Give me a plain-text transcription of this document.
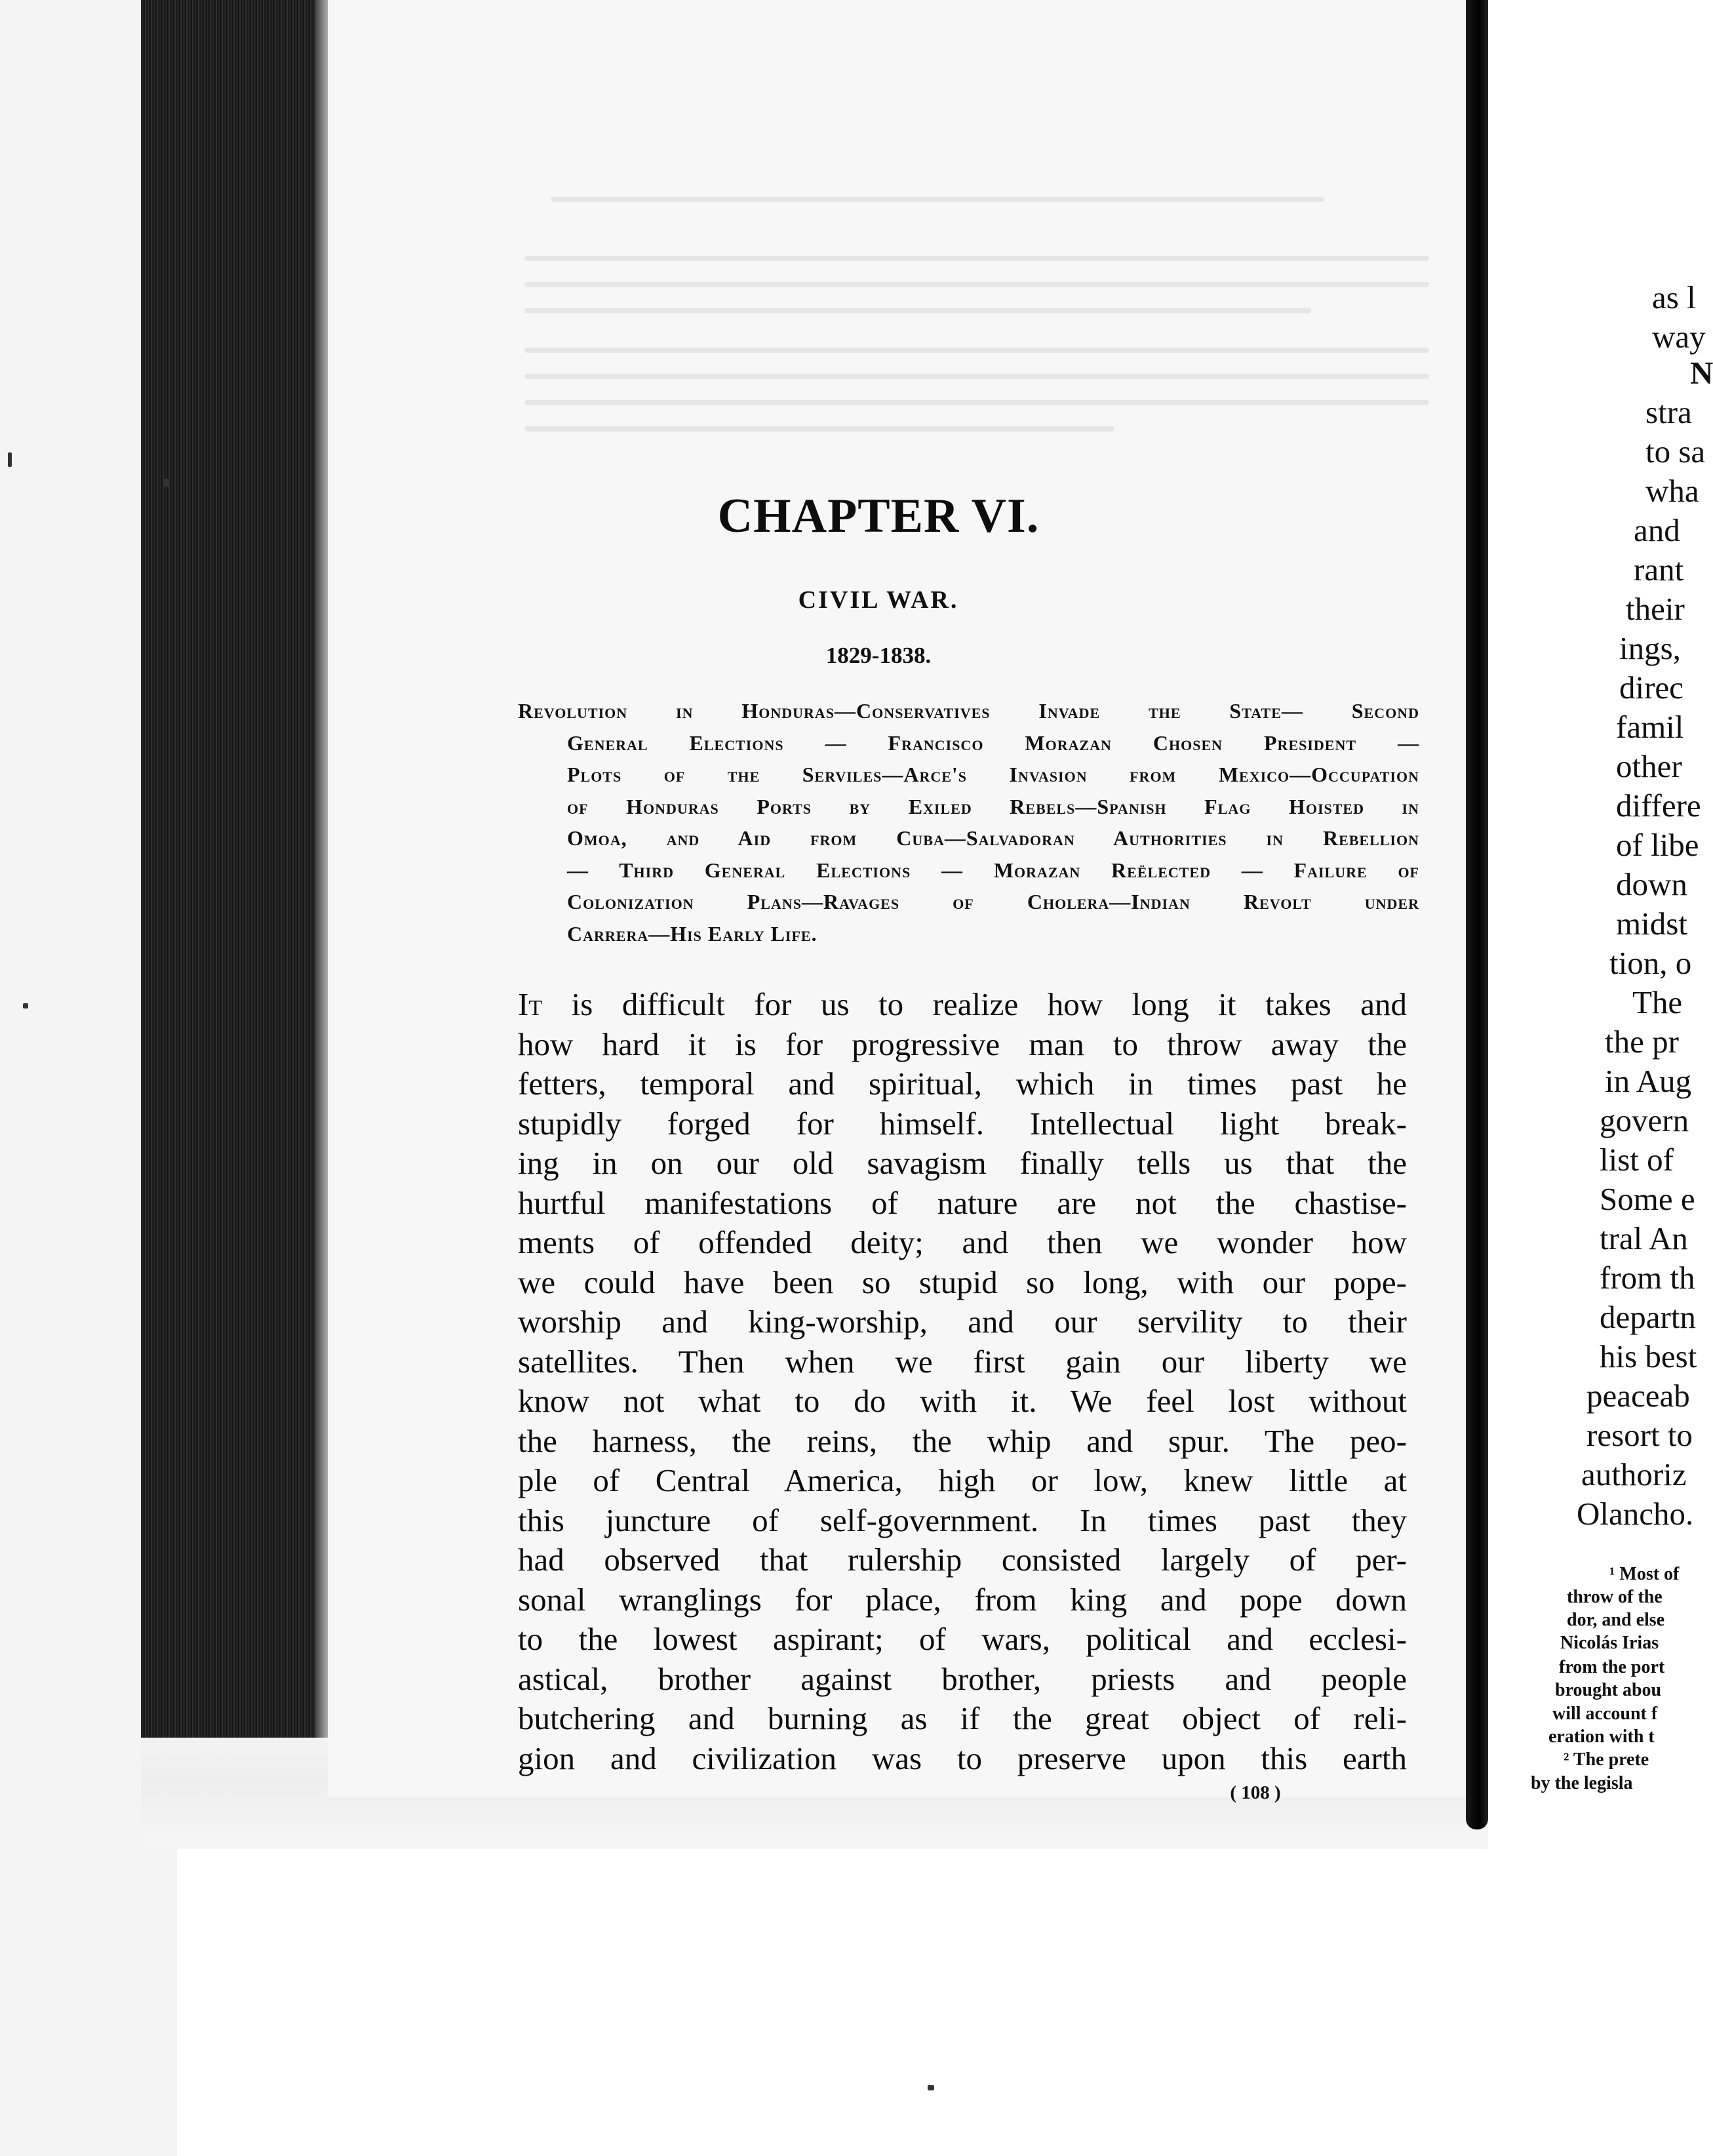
CHAPTER VI.
CIVIL WAR.
1829-1838.
Revolution in Honduras—Conservatives Invade the State— Second
General Elections — Francisco Morazan Chosen President —
Plots of the Serviles—Arce's Invasion from Mexico—Occupation
of Honduras Ports by Exiled Rebels—Spanish Flag Hoisted in
Omoa, and Aid from Cuba—Salvadoran Authorities in Rebellion
— Third General Elections — Morazan Reëlected — Failure of
Colonization Plans—Ravages of Cholera—Indian Revolt under
Carrera—His Early Life.
It is difficult for us to realize how long it takes and
how hard it is for progressive man to throw away the
fetters, temporal and spiritual, which in times past he
stupidly forged for himself. Intellectual light break-
ing in on our old savagism finally tells us that the
hurtful manifestations of nature are not the chastise-
ments of offended deity; and then we wonder how
we could have been so stupid so long, with our pope-
worship and king-worship, and our servility to their
satellites. Then when we first gain our liberty we
know not what to do with it. We feel lost without
the harness, the reins, the whip and spur. The peo-
ple of Central America, high or low, knew little at
this juncture of self-government. In times past they
had observed that rulership consisted largely of per-
sonal wranglings for place, from king and pope down
to the lowest aspirant; of wars, political and ecclesi-
astical, brother against brother, priests and people
butchering and burning as if the great object of reli-
gion and civilization was to preserve upon this earth
( 108 )
as l
way
N
stra
to sa
wha
and
rant
their
ings,
direc
famil
other
differe
of libe
down
midst
tion, o
The
the pr
in Aug
govern
list of
Some e
tral An
from th
departn
his best
peaceab
resort to
authoriz
Olancho.
¹ Most of
throw of the
dor, and else
Nicolás Irias
from the port
brought abou
will account f
eration with t
² The prete
by the legisla
